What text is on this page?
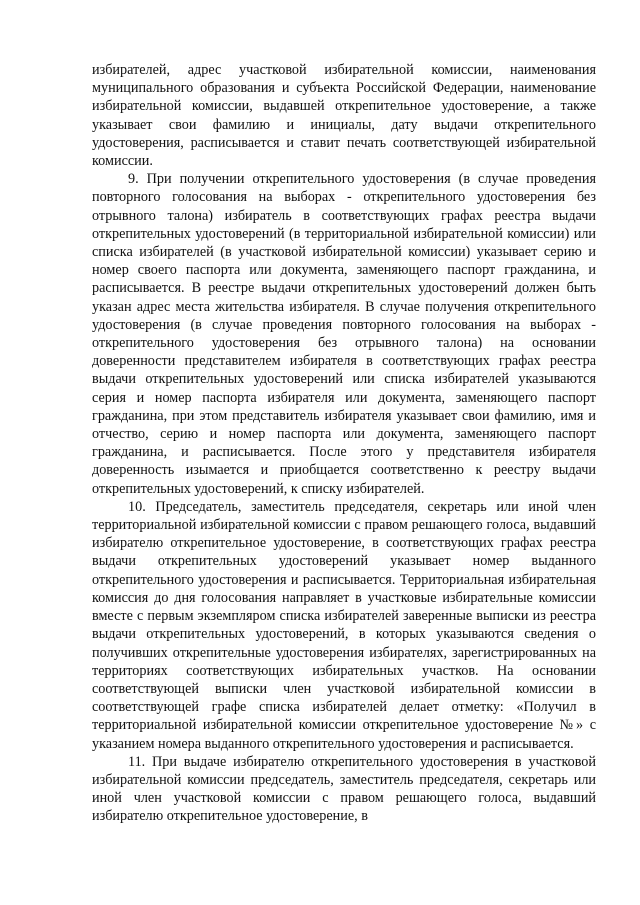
избирателей, адрес участковой избирательной комиссии, наименования муниципального образования и субъекта Российской Федерации, наименование избирательной комиссии, выдавшей открепительное удостоверение, а также указывает свои фамилию и инициалы, дату выдачи открепительного удостоверения, расписывается и ставит печать соответствующей избирательной комиссии.

9. При получении открепительного удостоверения (в случае проведения повторного голосования на выборах - открепительного удостоверения без отрывного талона) избиратель в соответствующих графах реестра выдачи открепительных удостоверений (в территориальной избирательной комиссии) или списка избирателей (в участковой избирательной комиссии) указывает серию и номер своего паспорта или документа, заменяющего паспорт гражданина, и расписывается. В реестре выдачи открепительных удостоверений должен быть указан адрес места жительства избирателя. В случае получения открепительного удостоверения (в случае проведения повторного голосования на выборах - открепительного удостоверения без отрывного талона) на основании доверенности представителем избирателя в соответствующих графах реестра выдачи открепительных удостоверений или списка избирателей указываются серия и номер паспорта избирателя или документа, заменяющего паспорт гражданина, при этом представитель избирателя указывает свои фамилию, имя и отчество, серию и номер паспорта или документа, заменяющего паспорт гражданина, и расписывается. После этого у представителя избирателя доверенность изымается и приобщается соответственно к реестру выдачи открепительных удостоверений, к списку избирателей.

10. Председатель, заместитель председателя, секретарь или иной член территориальной избирательной комиссии с правом решающего голоса, выдавший избирателю открепительное удостоверение, в соответствующих графах реестра выдачи открепительных удостоверений указывает номер выданного открепительного удостоверения и расписывается. Территориальная избирательная комиссия до дня голосования направляет в участковые избирательные комиссии вместе с первым экземпляром списка избирателей заверенные выписки из реестра выдачи открепительных удостоверений, в которых указываются сведения о получивших открепительные удостоверения избирателях, зарегистрированных на территориях соответствующих избирательных участков. На основании соответствующей выписки член участковой избирательной комиссии в соответствующей графе списка избирателей делает отметку: «Получил в территориальной избирательной комиссии открепительное удостоверение №» с указанием номера выданного открепительного удостоверения и расписывается.

11. При выдаче избирателю открепительного удостоверения в участковой избирательной комиссии председатель, заместитель председателя, секретарь или иной член участковой комиссии с правом решающего голоса, выдавший избирателю открепительное удостоверение, в
